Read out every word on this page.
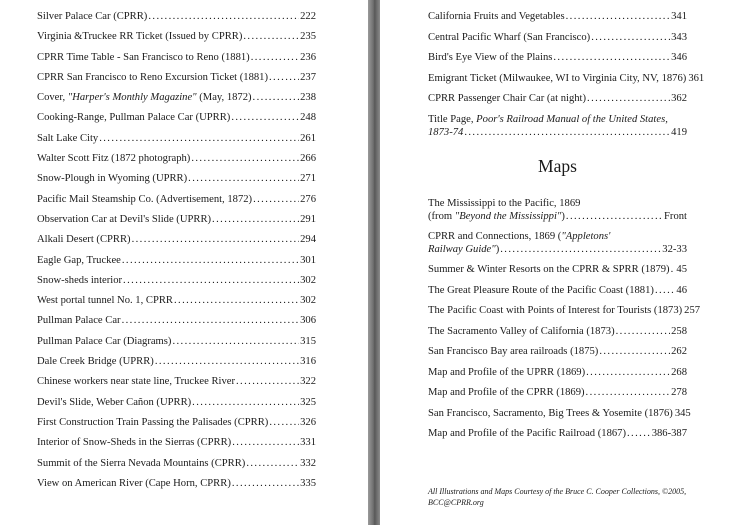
Silver Palace Car (CPRR) .....	222
Virginia &Truckee RR Ticket (Issued by CPRR) .....	235
CPRR Time Table - San Francisco to Reno (1881) .....	236
CPRR San Francisco to Reno Excursion Ticket (1881) .....	237
Cover, "Harper's Monthly Magazine" (May, 1872) .....	238
Cooking-Range, Pullman Palace Car (UPRR) .....	248
Salt Lake City .....	261
Walter Scott Fitz (1872 photograph) .....	266
Snow-Plough in Wyoming (UPRR) .....	271
Pacific Mail Steamship Co. (Advertisement, 1872) .....	276
Observation Car at Devil's Slide (UPRR) .....	291
Alkali Desert (CPRR) .....	294
Eagle Gap, Truckee .....	301
Snow-sheds interior .....	302
West portal tunnel No. 1, CPRR .....	302
Pullman Palace Car .....	306
Pullman Palace Car (Diagrams) .....	315
Dale Creek Bridge (UPRR) .....	316
Chinese workers near state line, Truckee River .....	322
Devil's Slide, Weber Cañon (UPRR) .....	325
First Construction Train Passing the Palisades (CPRR) .....	326
Interior of Snow-Sheds in the Sierras (CPRR) .....	331
Summit of the Sierra Nevada Mountains (CPRR) .....	332
View on American River (Cape Horn, CPRR) .....	335
California Fruits and Vegetables .....	341
Central Pacific Wharf (San Francisco) .....	343
Bird's Eye View of the Plains .....	346
Emigrant Ticket (Milwaukee, WI to Virginia City, NV, 1876) 361
CPRR Passenger Chair Car (at night) .....	362
Title Page, Poor's Railroad Manual of the United States,
1873-74 .....	419
Maps
The Mississippi to the Pacific, 1869
(from "Beyond the Mississippi") .....	Front
CPRR and Connections, 1869 ("Appletons'
Railway Guide") .....	32-33
Summer & Winter Resorts on the CPRR & SPRR (1879) ..... 45
The Great Pleasure Route of the Pacific Coast (1881) ..... 46
The Pacific Coast with Points of Interest for Tourists (1873) 257
The Sacramento Valley of California (1873) .....	258
San Francisco Bay area railroads (1875) .....	262
Map and Profile of the UPRR (1869) .....	268
Map and Profile of the CPRR (1869) .....	278
San Francisco, Sacramento, Big Trees & Yosemite (1876) 345
Map and Profile of the Pacific Railroad (1867) ..... 386-387
All Illustrations and Maps Courtesy of the Bruce C. Cooper Collections, ©2005,
BCC@CPRR.org
